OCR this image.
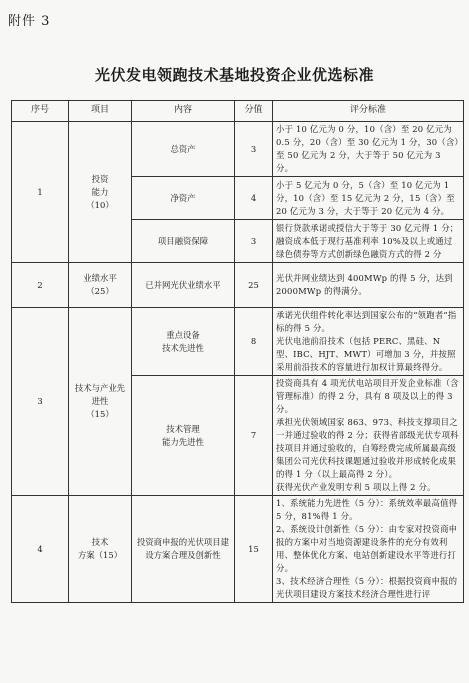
附件 3
光伏发电领跑技术基地投资企业优选标准
序号	项目	内容	分值	评分标准
1	投资
能力
（10）	总资产	3	小于 10 亿元为 0 分，10（含）至 20 亿元为 0.5 分，20（含）至 30 亿元为 1 分，30（含）至 50 亿元为 2 分，大于等于 50 亿元为 3 分。
		净资产	4	小于 5 亿元为 0 分，5（含）至 10 亿元为 1 分，10（含）至 15 亿元为 2 分，15（含）至 20 亿元为 3 分，大于等于 20 亿元为 4 分。
		项目融资保障	3	银行贷款承诺或授信大于等于 30 亿元得 1 分；融资成本低于现行基准利率 10%及以上或通过绿色债券等方式创新绿色融资方式的得 2 分
2	业绩水平
（25）	已并网光伏业绩水平	25	光伏并网业绩达到 400MWp 的得 5 分，达到 2000MWp 的得满分。
3	技术与产业先进性
（15）	重点设备
技术先进性	8	承诺光伏组件转化率达到国家公布的“领跑者”指标的得 5 分。
光伏电池前沿技术（包括 PERC、黑硅、N 型、IBC、HJT、MWT）可增加 3 分，并按照采用前沿技术的容量进行加权计算最终得分。
		技术管理
能力先进性	7	投资商具有 4 项光伏电站项目开发企业标准（含管理标准）的得 2 分，具有 8 项及以上的得 3 分。
承担光伏领域国家 863、973、科技支撑项目之一并通过验收的得 2 分；获得省部级光伏专项科技项目并通过验收的，自筹经费完成所属最高级集团公司光伏科技课题通过验收并形成转化成果的得 1 分（以上最高得 2 分）。
获得光伏产业发明专利 5 项以上得 2 分。
4	技术
方案（15）	投资商申报的光伏项目建设方案合理及创新性	15	1、系统能力先进性（5 分）：系统效率最高值得 5 分，81%得 1 分。
2、系统设计创新性（5 分）：由专家对投资商申报的方案中对当地资源建设条件的充分有效利用、整体优化方案、电站创新建设水平等进行打分。
3、技术经济合理性（5 分）：根据投资商申报的光伏项目建设方案技术经济合理性进行评
